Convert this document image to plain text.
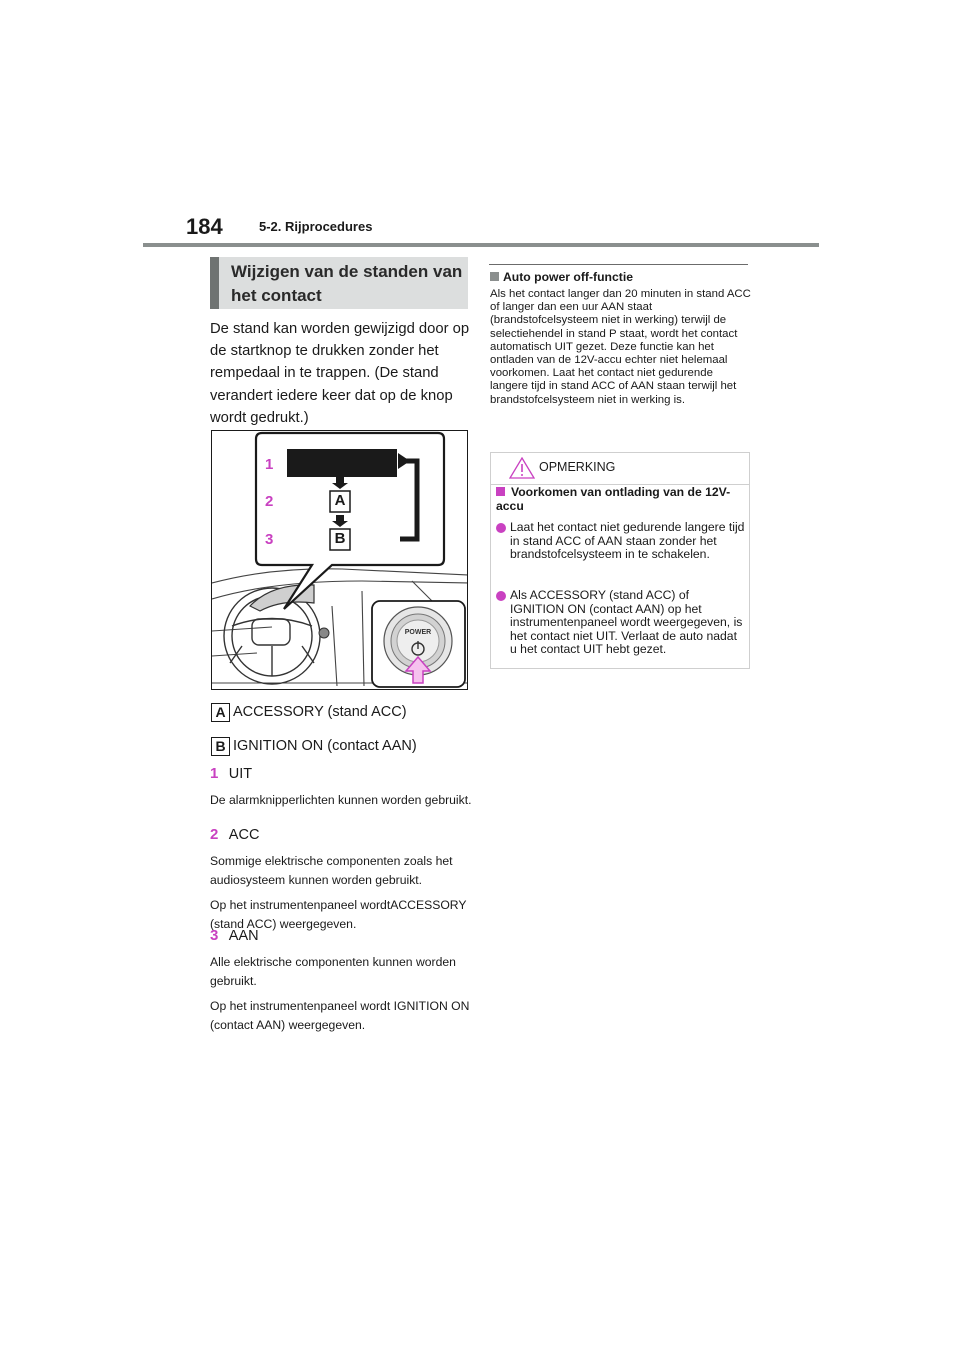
184	5-2. Rijprocedures
Wijzigen van de standen van
het contact
De stand kan worden gewijzigd door op de startknop te drukken zonder het rempedaal in te trappen. (De stand verandert iedere keer dat op de knop wordt gedrukt.)
1
2
3
A
B
POWER
A ACCESSORY (stand ACC)
B IGNITION ON (contact AAN)
1 UIT
De alarmknipperlichten kunnen worden gebruikt.
2 ACC
Sommige elektrische componenten zoals het audiosysteem kunnen worden gebruikt.
Op het instrumentenpaneel wordtACCESSORY (stand ACC) weergegeven.
3 AAN
Alle elektrische componenten kunnen worden gebruikt.
Op het instrumentenpaneel wordt IGNITION ON (contact AAN) weergegeven.
Auto power off-functie
Als het contact langer dan 20 minuten in stand ACC of langer dan een uur AAN staat (brandstofcelsysteem niet in werking) terwijl de selectiehendel in stand P staat, wordt het contact automatisch UIT gezet. Deze functie kan het ontladen van de 12V-accu echter niet helemaal voorkomen. Laat het contact niet gedurende langere tijd in stand ACC of AAN staan terwijl het brandstofcelsysteem niet in werking is.
OPMERKING
Voorkomen van ontlading van de 12V-accu
Laat het contact niet gedurende langere tijd in stand ACC of AAN staan zonder het brandstofcelsysteem in te schakelen.
Als ACCESSORY (stand ACC) of IGNITION ON (contact AAN) op het instrumentenpaneel wordt weergegeven, is het contact niet UIT. Verlaat de auto nadat u het contact UIT hebt gezet.
